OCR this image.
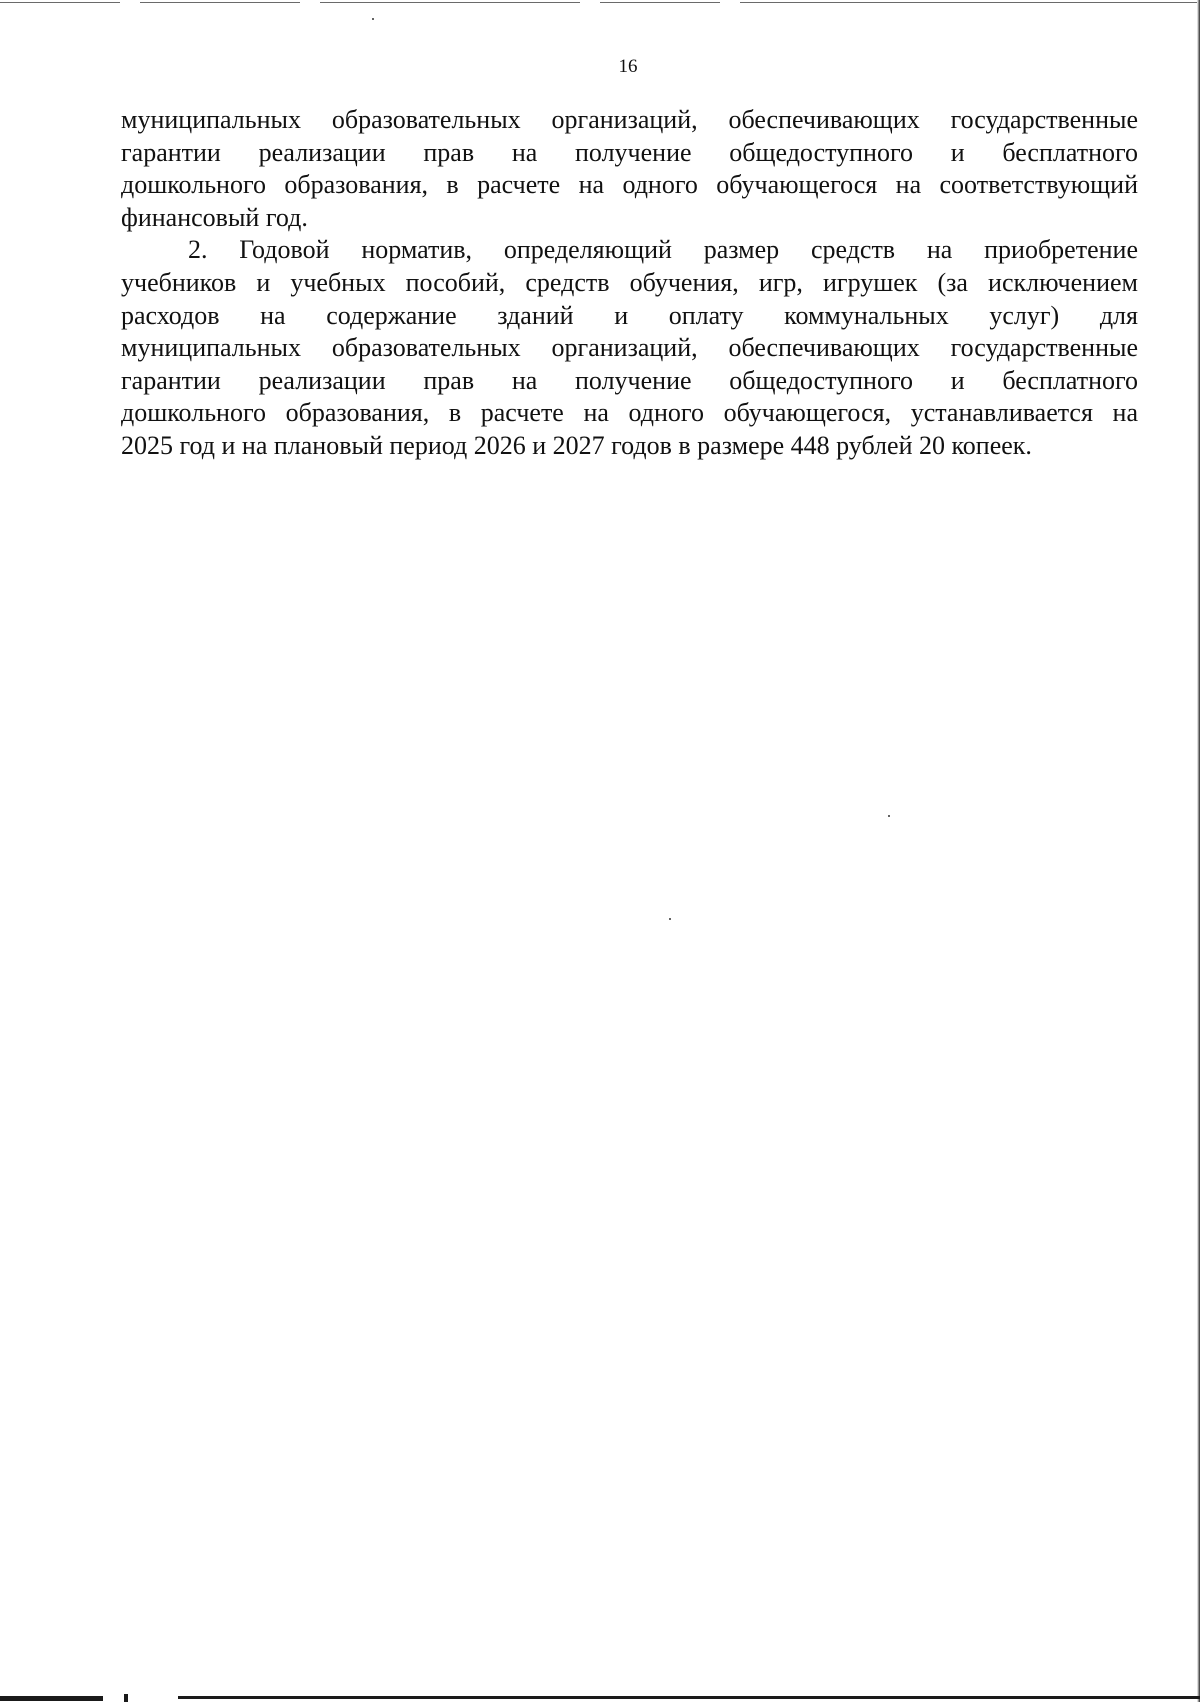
16

муниципальных образовательных организаций, обеспечивающих государственные
гарантии реализации прав на получение общедоступного и бесплатного
дошкольного образования, в расчете на одного обучающегося на соответствующий
финансовый год.

2. Годовой норматив, определяющий размер средств на приобретение
учебников и учебных пособий, средств обучения, игр, игрушек (за исключением
расходов на содержание зданий и оплату коммунальных услуг) для
муниципальных образовательных организаций, обеспечивающих государственные
гарантии реализации прав на получение общедоступного и бесплатного
дошкольного образования, в расчете на одного обучающегося, устанавливается на
2025 год и на плановый период 2026 и 2027 годов в размере 448 рублей 20 копеек.
